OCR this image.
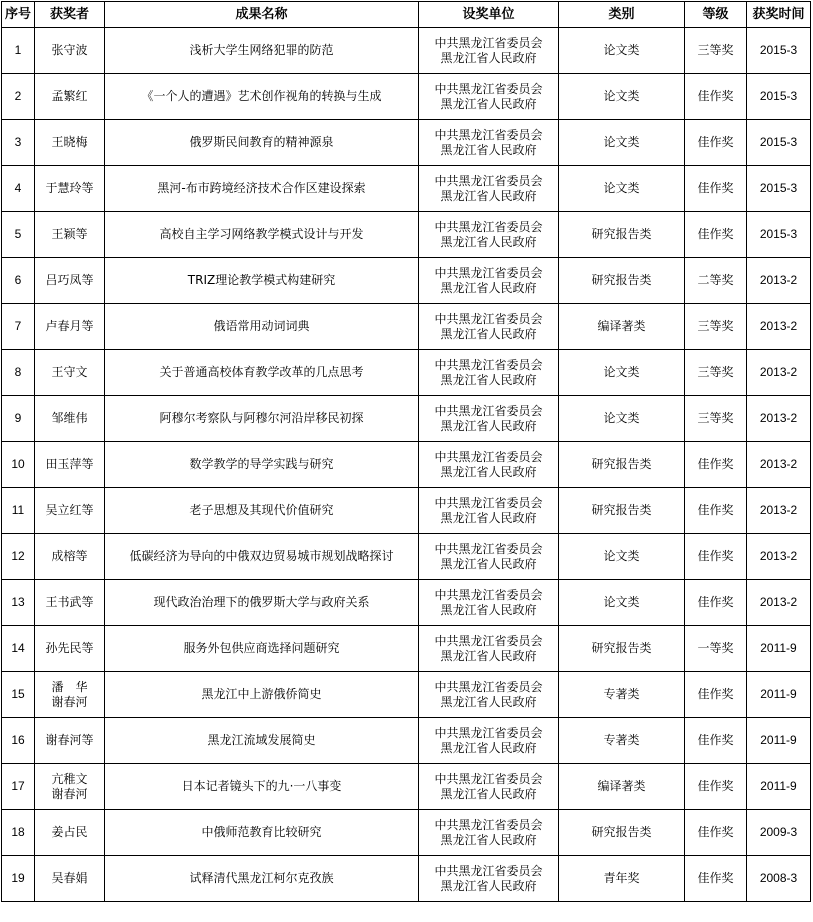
序号	获奖者	成果名称	设奖单位	类别	等级	获奖时间
1	张守波	浅析大学生网络犯罪的防范	中共黑龙江省委员会
黑龙江省人民政府	论文类	三等奖	2015-3
2	孟繁红	《一个人的遭遇》艺术创作视角的转换与生成	中共黑龙江省委员会
黑龙江省人民政府	论文类	佳作奖	2015-3
3	王晓梅	俄罗斯民间教育的精神源泉	中共黑龙江省委员会
黑龙江省人民政府	论文类	佳作奖	2015-3
4	于慧玲等	黑河-布市跨境经济技术合作区建设探索	中共黑龙江省委员会
黑龙江省人民政府	论文类	佳作奖	2015-3
5	王颖等	高校自主学习网络教学模式设计与开发	中共黑龙江省委员会
黑龙江省人民政府	研究报告类	佳作奖	2015-3
6	吕巧凤等	TRIZ理论教学模式构建研究	中共黑龙江省委员会
黑龙江省人民政府	研究报告类	二等奖	2013-2
7	卢春月等	俄语常用动词词典	中共黑龙江省委员会
黑龙江省人民政府	编译著类	三等奖	2013-2
8	王守文	关于普通高校体育教学改革的几点思考	中共黑龙江省委员会
黑龙江省人民政府	论文类	三等奖	2013-2
9	邹维伟	阿穆尔考察队与阿穆尔河沿岸移民初探	中共黑龙江省委员会
黑龙江省人民政府	论文类	三等奖	2013-2
10	田玉萍等	数学教学的导学实践与研究	中共黑龙江省委员会
黑龙江省人民政府	研究报告类	佳作奖	2013-2
11	吴立红等	老子思想及其现代价值研究	中共黑龙江省委员会
黑龙江省人民政府	研究报告类	佳作奖	2013-2
12	成榕等	低碳经济为导向的中俄双边贸易城市规划战略探讨	中共黑龙江省委员会
黑龙江省人民政府	论文类	佳作奖	2013-2
13	王书武等	现代政治治理下的俄罗斯大学与政府关系	中共黑龙江省委员会
黑龙江省人民政府	论文类	佳作奖	2013-2
14	孙先民等	服务外包供应商选择问题研究	中共黑龙江省委员会
黑龙江省人民政府	研究报告类	一等奖	2011-9
15	潘　华
谢春河	黑龙江中上游俄侨简史	中共黑龙江省委员会
黑龙江省人民政府	专著类	佳作奖	2011-9
16	谢春河等	黑龙江流域发展简史	中共黑龙江省委员会
黑龙江省人民政府	专著类	佳作奖	2011-9
17	亢稚文
谢春河	日本记者镜头下的九·一八事变	中共黑龙江省委员会
黑龙江省人民政府	编译著类	佳作奖	2011-9
18	姜占民	中俄师范教育比较研究	中共黑龙江省委员会
黑龙江省人民政府	研究报告类	佳作奖	2009-3
19	吴春娟	试释清代黑龙江柯尔克孜族	中共黑龙江省委员会
黑龙江省人民政府	青年奖	佳作奖	2008-3
